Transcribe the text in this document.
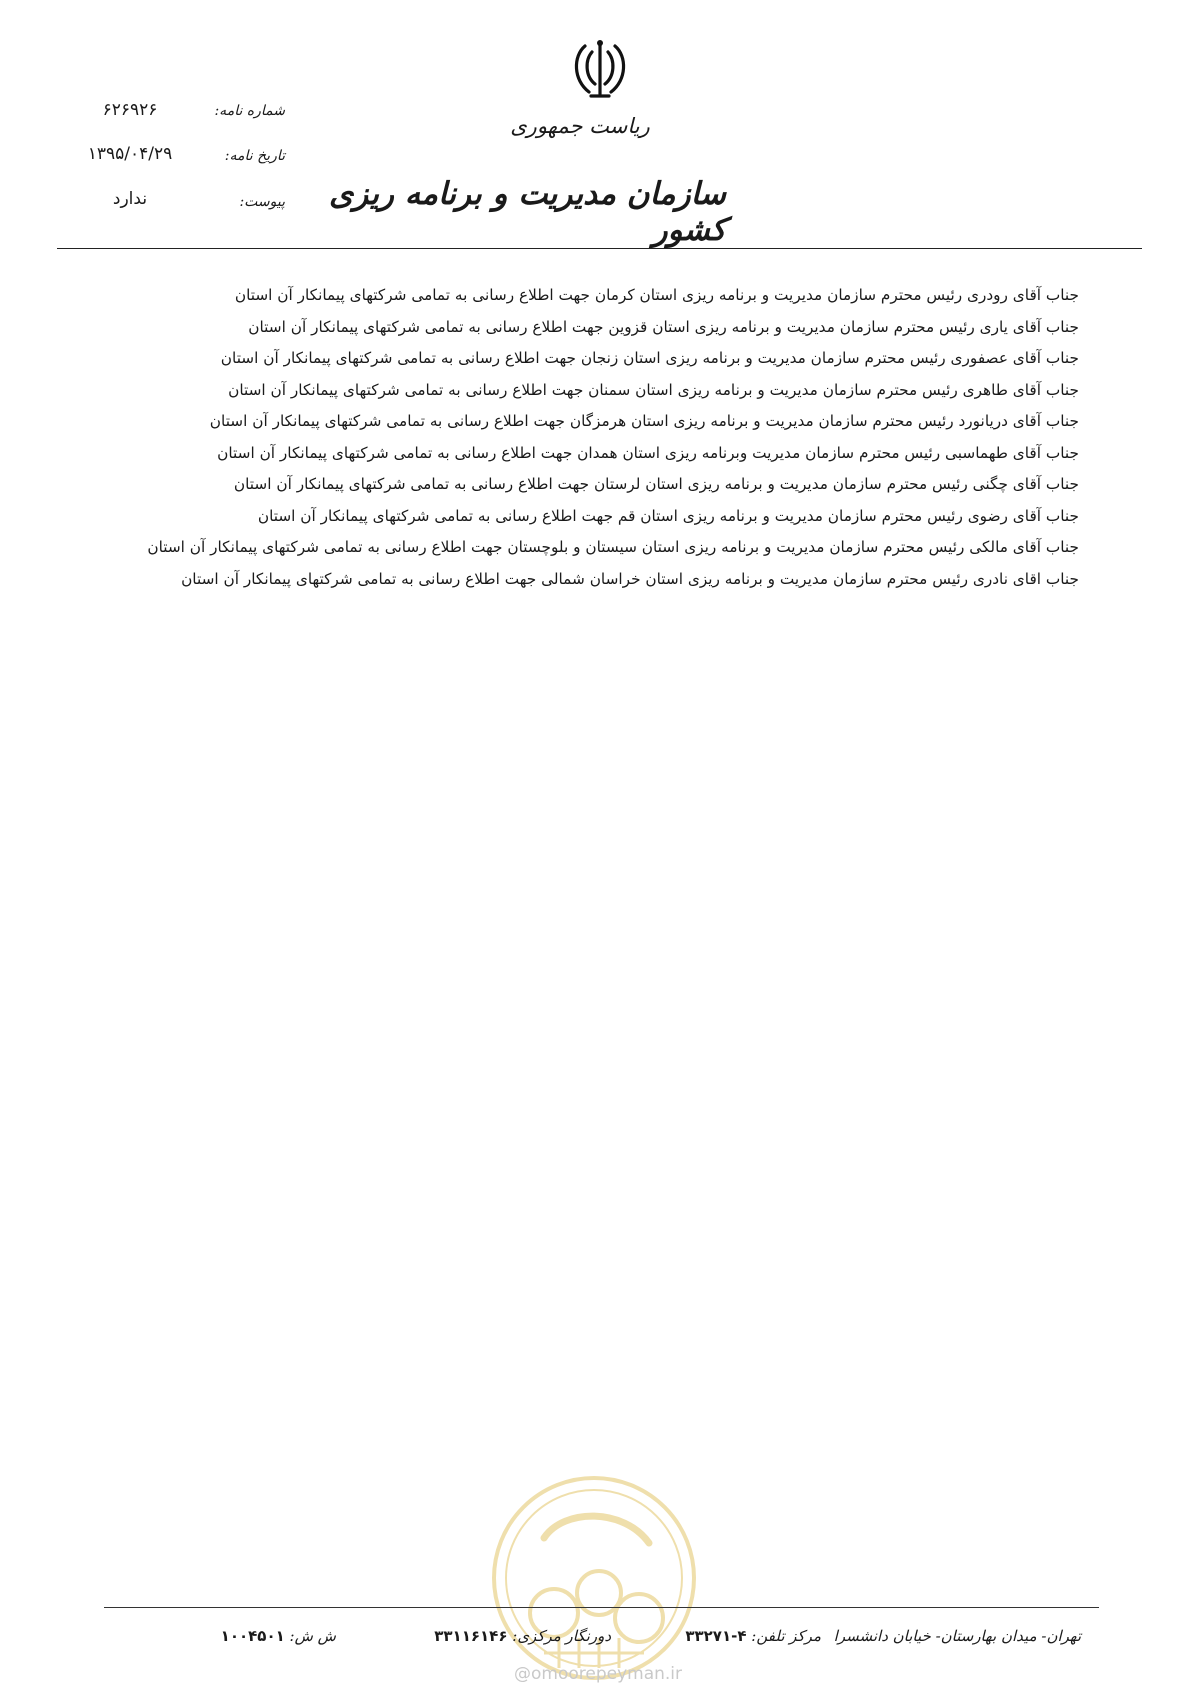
ریاست جمهوری
سازمان مدیریت و برنامه ریزی کشور
شماره نامه:
۶۲۶۹۲۶
تاریخ نامه:
۱۳۹۵/۰۴/۲۹
پیوست:
ندارد
جناب آقای رودری رئیس محترم سازمان مدیریت و برنامه ریزی استان کرمان جهت اطلاع رسانی به تمامی شرکتهای پیمانکار آن استان
جناب آقای یاری رئیس محترم سازمان مدیریت و برنامه ریزی استان قزوین جهت اطلاع رسانی به تمامی شرکتهای پیمانکار آن استان
جناب آقای عصفوری رئیس محترم سازمان مدیریت و برنامه ریزی استان زنجان جهت اطلاع رسانی به تمامی شرکتهای پیمانکار آن استان
جناب آقای طاهری رئیس محترم سازمان مدیریت و برنامه ریزی استان سمنان جهت اطلاع رسانی به تمامی شرکتهای پیمانکار آن استان
جناب آقای دریانورد رئیس محترم سازمان مدیریت و برنامه ریزی استان هرمزگان جهت اطلاع رسانی به تمامی شرکتهای پیمانکار آن استان
جناب آقای طهماسبی رئیس محترم سازمان مدیریت وبرنامه ریزی استان همدان جهت اطلاع رسانی به تمامی شرکتهای پیمانکار آن استان
جناب آقای چگنی رئیس محترم سازمان مدیریت و برنامه ریزی استان لرستان جهت اطلاع رسانی به تمامی شرکتهای پیمانکار آن استان
جناب آقای رضوی رئیس محترم سازمان مدیریت و برنامه ریزی استان قم جهت اطلاع رسانی به تمامی شرکتهای پیمانکار آن استان
جناب آقای مالکی رئیس محترم سازمان مدیریت و برنامه ریزی استان سیستان و بلوچستان جهت اطلاع رسانی به تمامی شرکتهای پیمانکار آن استان
جناب اقای نادری رئیس محترم سازمان مدیریت و برنامه ریزی استان خراسان شمالی جهت اطلاع رسانی به تمامی شرکتهای پیمانکار آن استان
تهران- میدان بهارستان- خیابان دانشسرا
مرکز تلفن: ۴-۳۳۲۷۱
دورنگار مرکزی: ۳۳۱۱۶۱۴۶
ش ش: ۱۰۰۴۵۰۱
@omoorepeyman.ir
